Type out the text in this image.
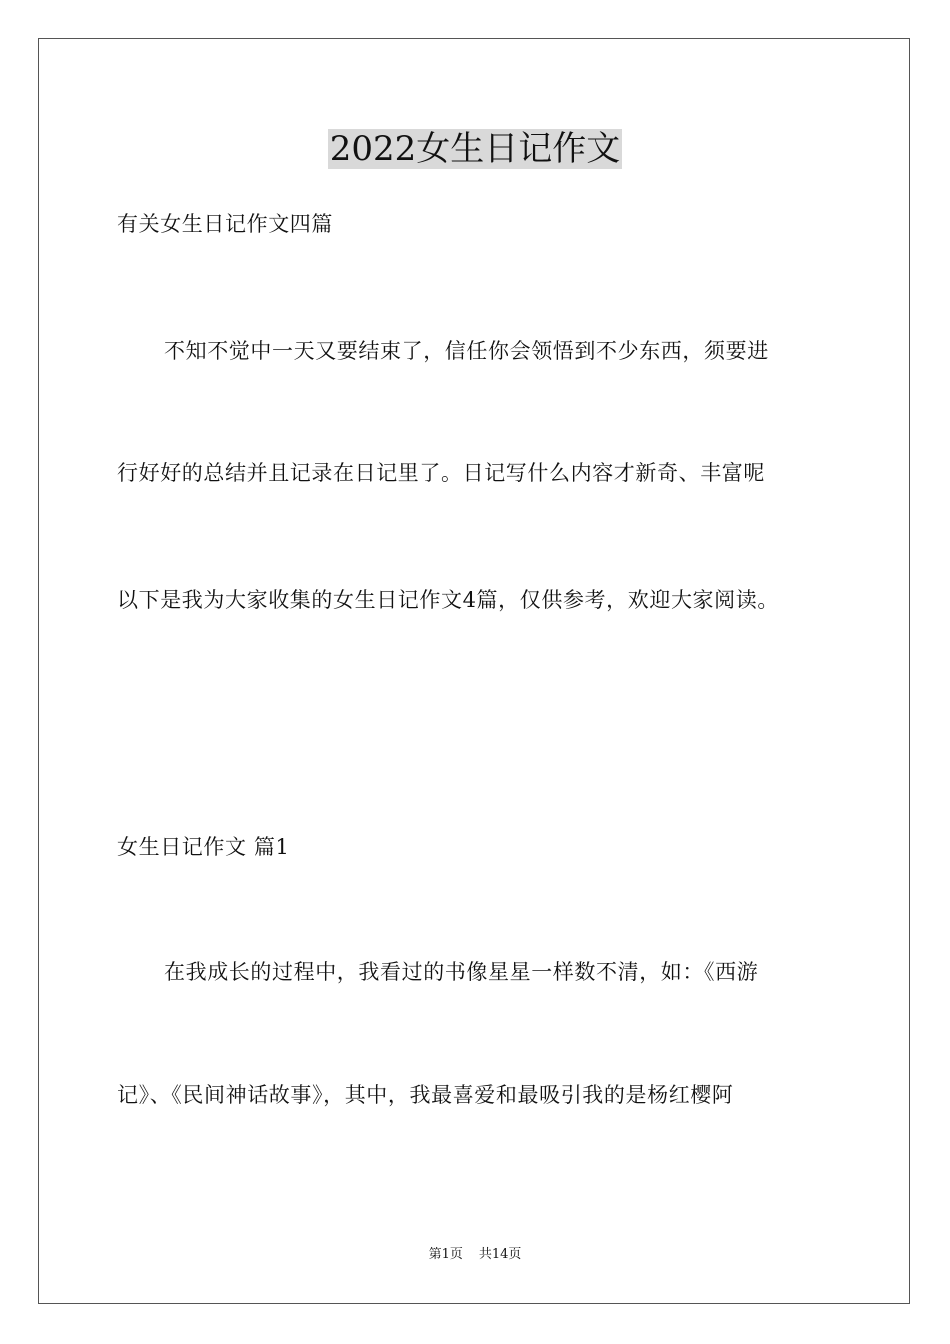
2022女生日记作文
有关女生日记作文四篇
不知不觉中一天又要结束了，信任你会领悟到不少东西，须要进
行好好的总结并且记录在日记里了。日记写什么内容才新奇、丰富呢
以下是我为大家收集的女生日记作文4篇，仅供参考，欢迎大家阅读。
女生日记作文 篇1
在我成长的过程中，我看过的书像星星一样数不清，如：《西游
记》、《民间神话故事》，其中，我最喜爱和最吸引我的是杨红樱阿
第1页 共14页
